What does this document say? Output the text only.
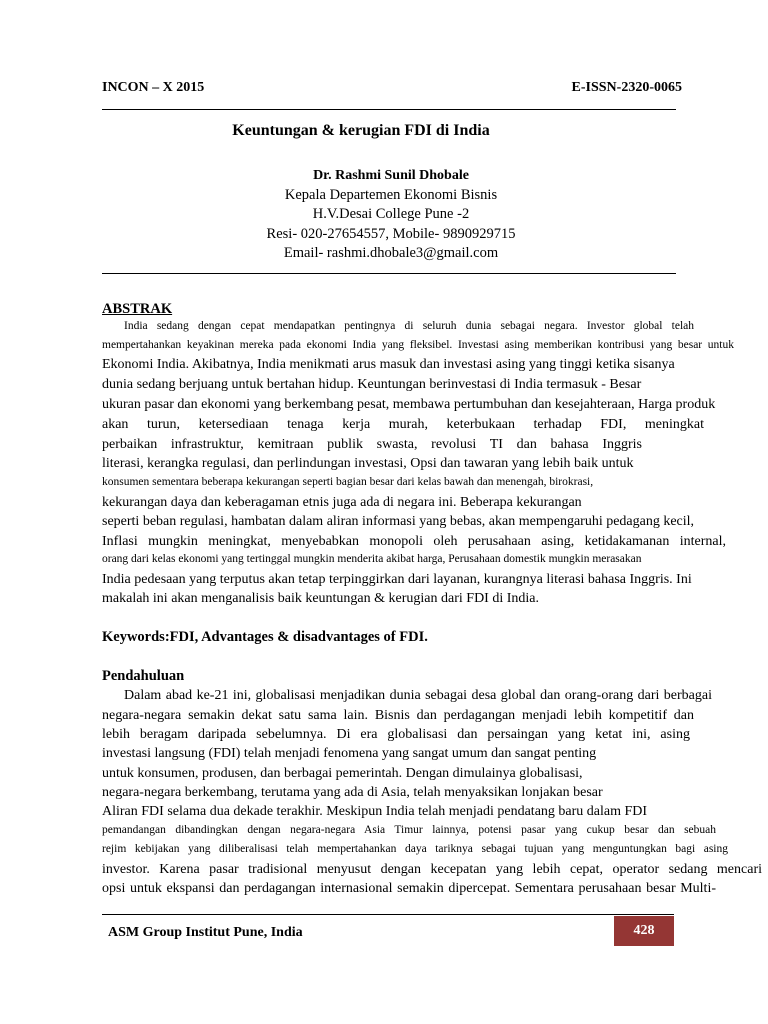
INCON – X 2015	E-ISSN-2320-0065
Keuntungan & kerugian FDI di India
Dr. Rashmi Sunil Dhobale
Kepala Departemen Ekonomi Bisnis
H.V.Desai College Pune -2
Resi- 020-27654557, Mobile- 9890929715
Email- rashmi.dhobale3@gmail.com
ABSTRAK
India sedang dengan cepat mendapatkan pentingnya di seluruh dunia sebagai negara. Investor global telah
mempertahankan keyakinan mereka pada ekonomi India yang fleksibel. Investasi asing memberikan kontribusi yang besar untuk
Ekonomi India. Akibatnya, India menikmati arus masuk dan investasi asing yang tinggi ketika sisanya
dunia sedang berjuang untuk bertahan hidup. Keuntungan berinvestasi di India termasuk - Besar
ukuran pasar dan ekonomi yang berkembang pesat, membawa pertumbuhan dan kesejahteraan, Harga produk
akan turun, ketersediaan tenaga kerja murah, keterbukaan terhadap FDI, meningkat
perbaikan infrastruktur, kemitraan publik swasta, revolusi TI dan bahasa Inggris
literasi, kerangka regulasi, dan perlindungan investasi, Opsi dan tawaran yang lebih baik untuk
konsumen sementara beberapa kekurangan seperti bagian besar dari kelas bawah dan menengah, birokrasi,
kekurangan daya dan keberagaman etnis juga ada di negara ini. Beberapa kekurangan
seperti beban regulasi, hambatan dalam aliran informasi yang bebas, akan mempengaruhi pedagang kecil,
Inflasi mungkin meningkat, menyebabkan monopoli oleh perusahaan asing, ketidakamanan internal,
orang dari kelas ekonomi yang tertinggal mungkin menderita akibat harga, Perusahaan domestik mungkin merasakan
India pedesaan yang terputus akan tetap terpinggirkan dari layanan, kurangnya literasi bahasa Inggris. Ini
makalah ini akan menganalisis baik keuntungan & kerugian dari FDI di India.
Keywords:FDI, Advantages & disadvantages of FDI.
Pendahuluan
Dalam abad ke-21 ini, globalisasi menjadikan dunia sebagai desa global dan orang-orang dari berbagai
negara-negara semakin dekat satu sama lain. Bisnis dan perdagangan menjadi lebih kompetitif dan
lebih beragam daripada sebelumnya. Di era globalisasi dan persaingan yang ketat ini, asing
investasi langsung (FDI) telah menjadi fenomena yang sangat umum dan sangat penting
untuk konsumen, produsen, dan berbagai pemerintah. Dengan dimulainya globalisasi,
negara-negara berkembang, terutama yang ada di Asia, telah menyaksikan lonjakan besar
Aliran FDI selama dua dekade terakhir. Meskipun India telah menjadi pendatang baru dalam FDI
pemandangan dibandingkan dengan negara-negara Asia Timur lainnya, potensi pasar yang cukup besar dan sebuah
rejim kebijakan yang diliberalisasi telah mempertahankan daya tariknya sebagai tujuan yang menguntungkan bagi asing
investor. Karena pasar tradisional menyusut dengan kecepatan yang lebih cepat, operator sedang mencari
opsi untuk ekspansi dan perdagangan internasional semakin dipercepat. Sementara perusahaan besar Multi-
ASM Group Institut Pune, India	428
